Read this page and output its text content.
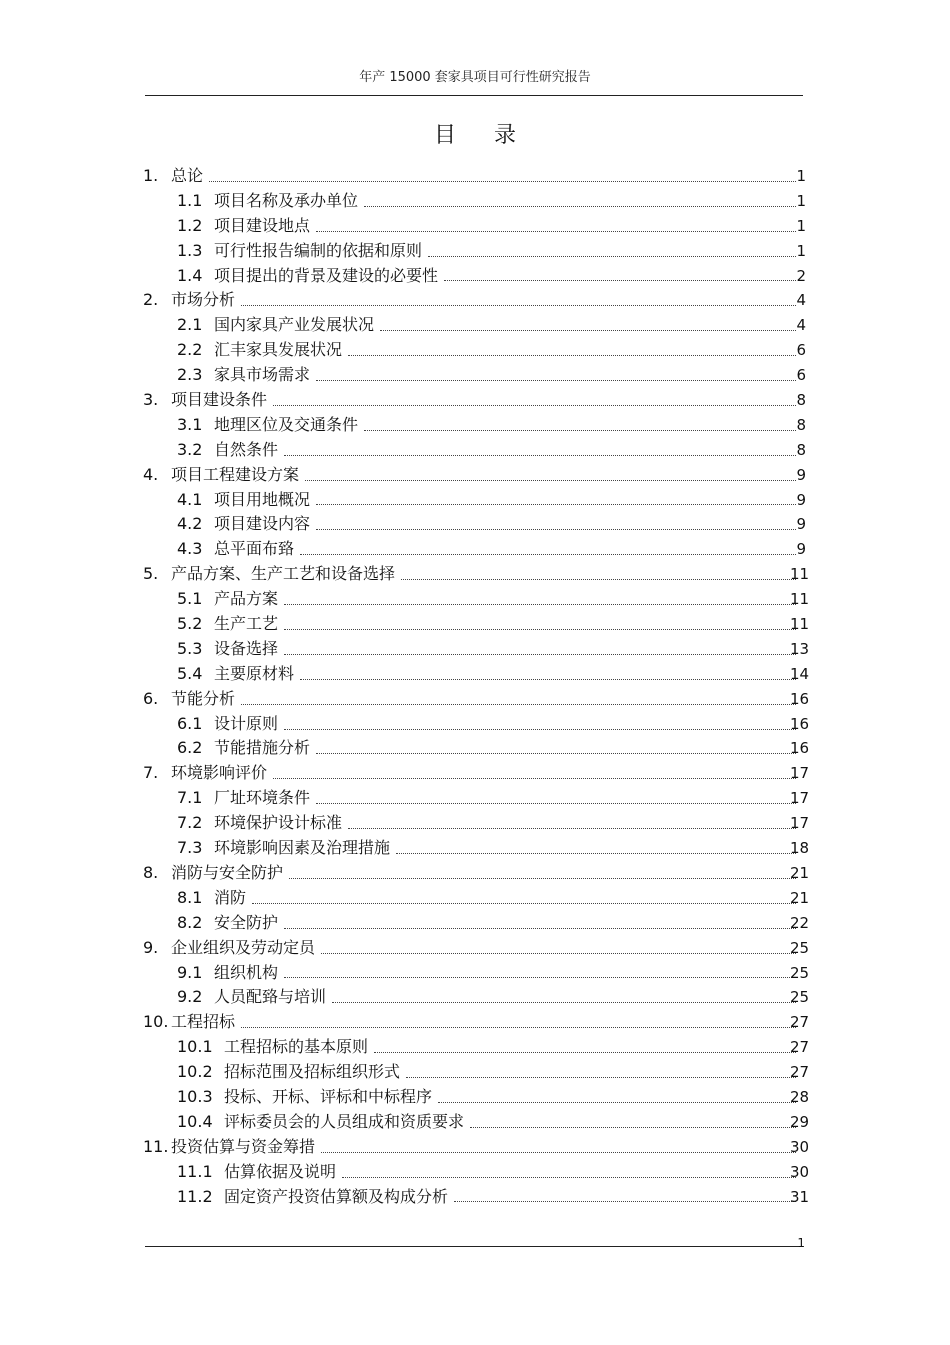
年产 15000 套家具项目可行性研究报告
目录
1. 总论	1
1.1 项目名称及承办单位	1
1.2 项目建设地点	1
1.3 可行性报告编制的依据和原则	1
1.4 项目提出的背景及建设的必要性	2
2. 市场分析	4
2.1 国内家具产业发展状况	4
2.2 汇丰家具发展状况	6
2.3 家具市场需求	6
3. 项目建设条件	8
3.1 地理区位及交通条件	8
3.2 自然条件	8
4. 项目工程建设方案	9
4.1 项目用地概况	9
4.2 项目建设内容	9
4.3 总平面布臵	9
5. 产品方案、生产工艺和设备选择	11
5.1 产品方案	11
5.2 生产工艺	11
5.3 设备选择	13
5.4 主要原材料	14
6. 节能分析	16
6.1 设计原则	16
6.2 节能措施分析	16
7. 环境影响评价	17
7.1 厂址环境条件	17
7.2 环境保护设计标准	17
7.3 环境影响因素及治理措施	18
8. 消防与安全防护	21
8.1 消防	21
8.2 安全防护	22
9. 企业组织及劳动定员	25
9.1 组织机构	25
9.2 人员配臵与培训	25
10. 工程招标	27
10.1 工程招标的基本原则	27
10.2 招标范围及招标组织形式	27
10.3 投标、开标、评标和中标程序	28
10.4 评标委员会的人员组成和资质要求	29
11. 投资估算与资金筹措	30
11.1 估算依据及说明	30
11.2 固定资产投资估算额及构成分析	31
1
